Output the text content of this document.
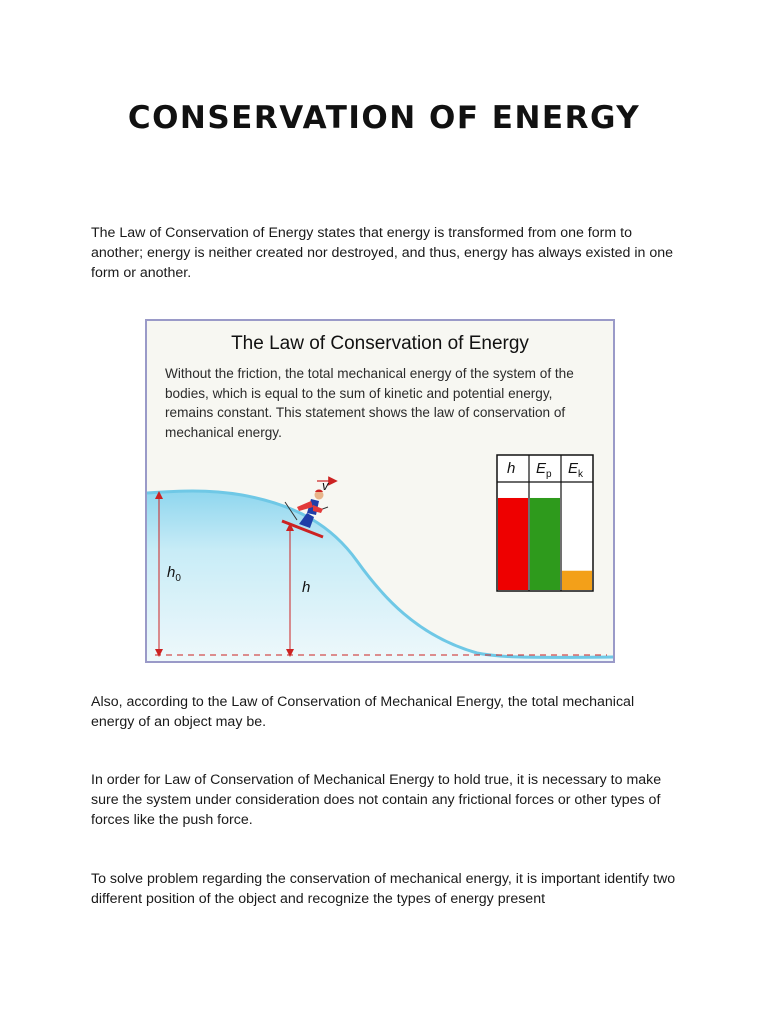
CONSERVATION OF ENERGY

The Law of Conservation of Energy states that energy is transformed from one form to another; energy is neither created nor destroyed, and thus, energy has always existed in one form or another.

The Law of Conservation of Energy

Without the friction, the total mechanical energy of the system of the bodies, which is equal to the sum of kinetic and potential energy, remains constant. This statement shows the law of conservation of mechanical energy.

$h_0$
h
v
h $E_p$ $E_k$

Also, according to the Law of Conservation of Mechanical Energy, the total mechanical energy of an object may be.

In order for Law of Conservation of Mechanical Energy to hold true, it is necessary to make sure the system under consideration does not contain any frictional forces or other types of forces like the push force.

To solve problem regarding the conservation of mechanical energy, it is important identify two different position of the object and recognize the types of energy present
